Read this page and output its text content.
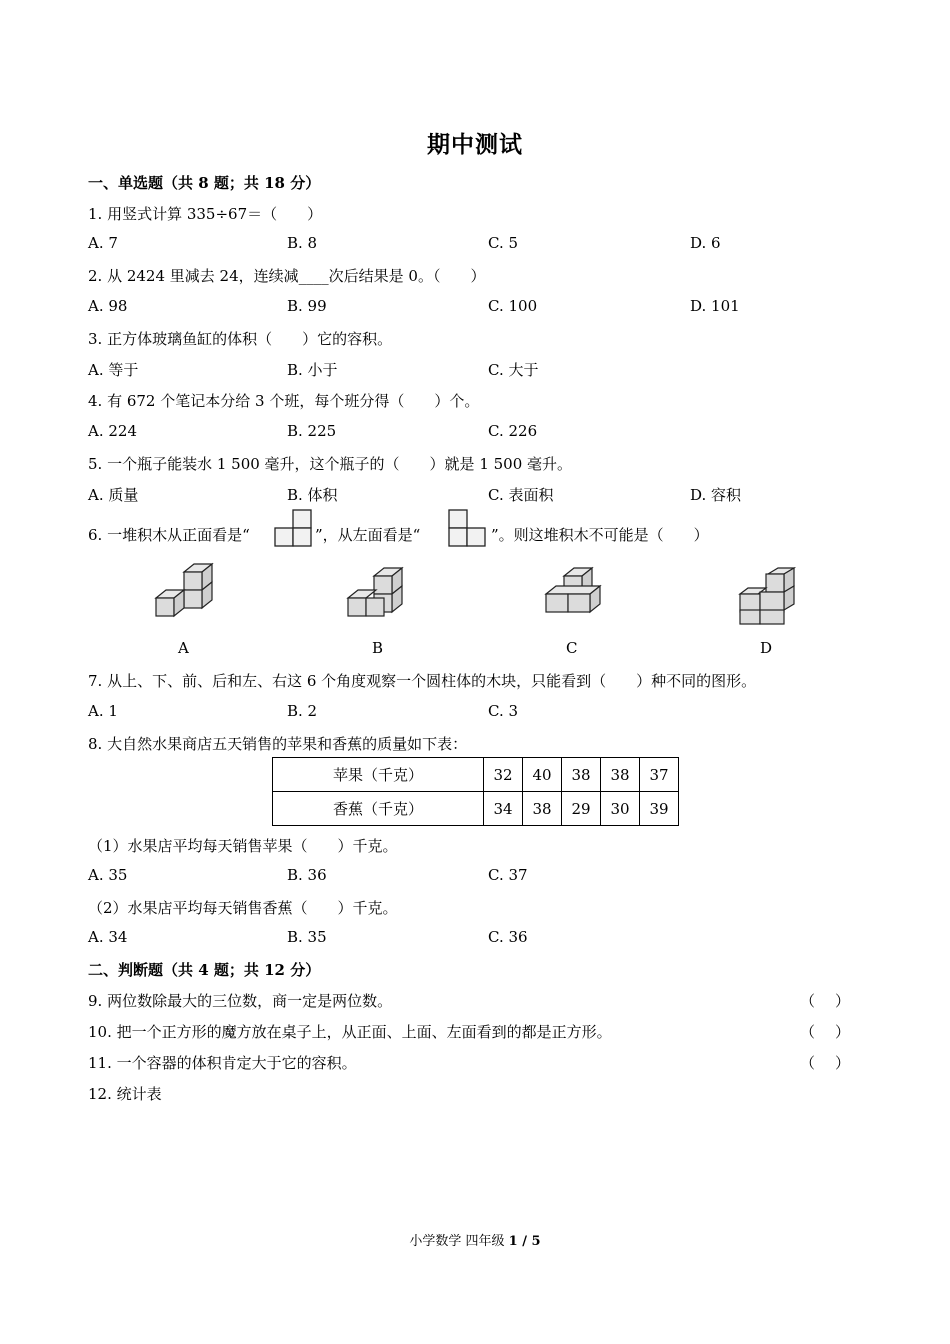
期中测试
一、单选题（共 8 题；共 18 分）
1. 用竖式计算 335÷67＝（　　）
A. 7	B. 8	C. 5	D. 6
2. 从 2424 里减去 24，连续减____次后结果是 0。（　　）
A. 98	B. 99	C. 100	D. 101
3. 正方体玻璃鱼缸的体积（　　）它的容积。
A. 等于	B. 小于	C. 大于
4. 有 672 个笔记本分给 3 个班，每个班分得（　　）个。
A. 224	B. 225	C. 226
5. 一个瓶子能装水 1 500 毫升，这个瓶子的（　　）就是 1 500 毫升。
A. 质量	B. 体积	C. 表面积	D. 容积
6. 一堆积木从正面看是“	”，从左面看是“	”。则这堆积木不可能是（　　）
A	B	C	D
7. 从上、下、前、后和左、右这 6 个角度观察一个圆柱体的木块，只能看到（　　）种不同的图形。
A. 1	B. 2	C. 3
8. 大自然水果商店五天销售的苹果和香蕉的质量如下表：
苹果（千克）	32	40	38	38	37
香蕉（千克）	34	38	29	30	39
（1）水果店平均每天销售苹果（　　）千克。
A. 35	B. 36	C. 37
（2）水果店平均每天销售香蕉（　　）千克。
A. 34	B. 35	C. 36
二、判断题（共 4 题；共 12 分）
9. 两位数除最大的三位数，商一定是两位数。	（ ）
10. 把一个正方形的魔方放在桌子上，从正面、上面、左面看到的都是正方形。	（ ）
11. 一个容器的体积肯定大于它的容积。	（ ）
12. 统计表
小学数学 四年级 1 / 5
